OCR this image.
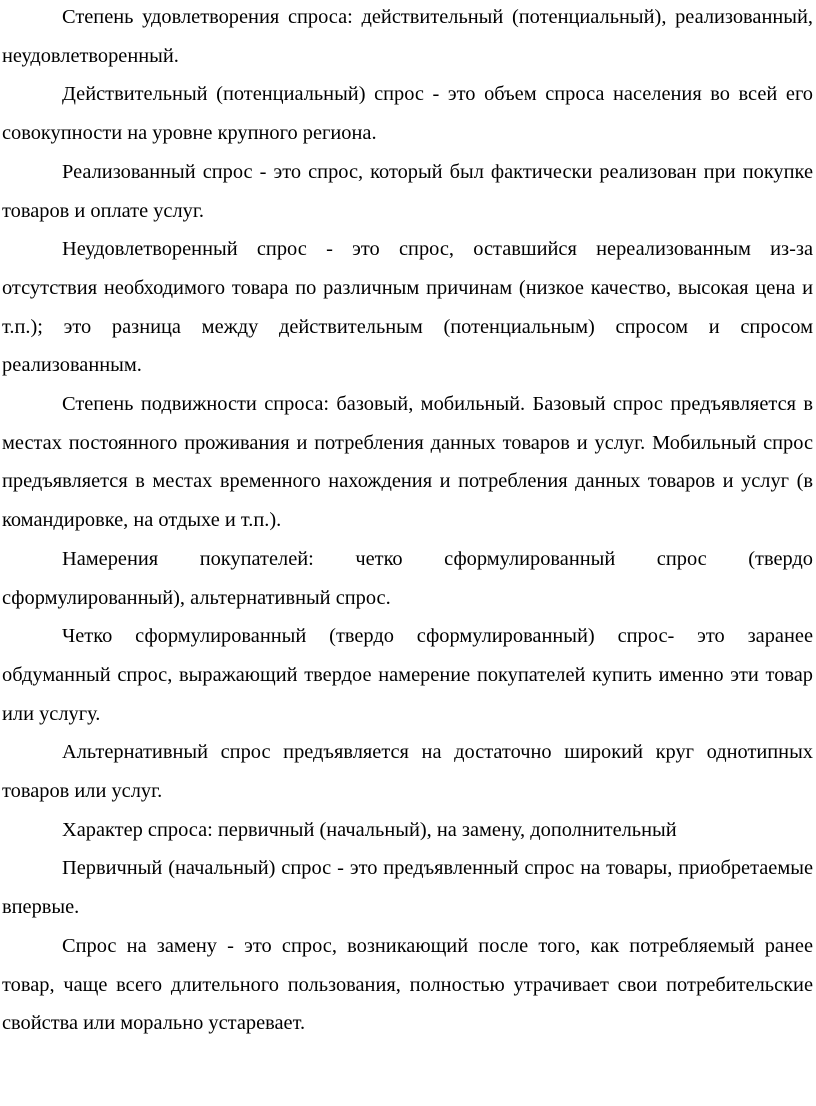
Степень удовлетворения спроса: действительный (потенциальный), реализованный, неудовлетворенный.

Действительный (потенциальный) спрос - это объем спроса населения во всей его совокупности на уровне крупного региона.

Реализованный спрос - это спрос, который был фактически реализован при покупке товаров и оплате услуг.

Неудовлетворенный спрос - это спрос, оставшийся нереализованным из-за отсутствия необходимого товара по различным причинам (низкое качество, высокая цена и т.п.); это разница между действительным (потенциальным) спросом и спросом реализованным.

Степень подвижности спроса: базовый, мобильный. Базовый спрос предъявляется в местах постоянного проживания и потребления данных товаров и услуг. Мобильный спрос предъявляется в местах временного нахождения и потребления данных товаров и услуг (в командировке, на отдыхе и т.п.).

Намерения покупателей: четко сформулированный спрос (твердо сформулированный), альтернативный спрос.

Четко сформулированный (твердо сформулированный) спрос- это заранее обдуманный спрос, выражающий твердое намерение покупателей купить именно эти товар или услугу.

Альтернативный спрос предъявляется на достаточно широкий круг однотипных товаров или услуг.

Характер спроса: первичный (начальный), на замену, дополнительный

Первичный (начальный) спрос - это предъявленный спрос на товары, приобретаемые впервые.

Спрос на замену - это спрос, возникающий после того, как потребляемый ранее товар, чаще всего длительного пользования, полностью утрачивает свои потребительские свойства или морально устаревает.
